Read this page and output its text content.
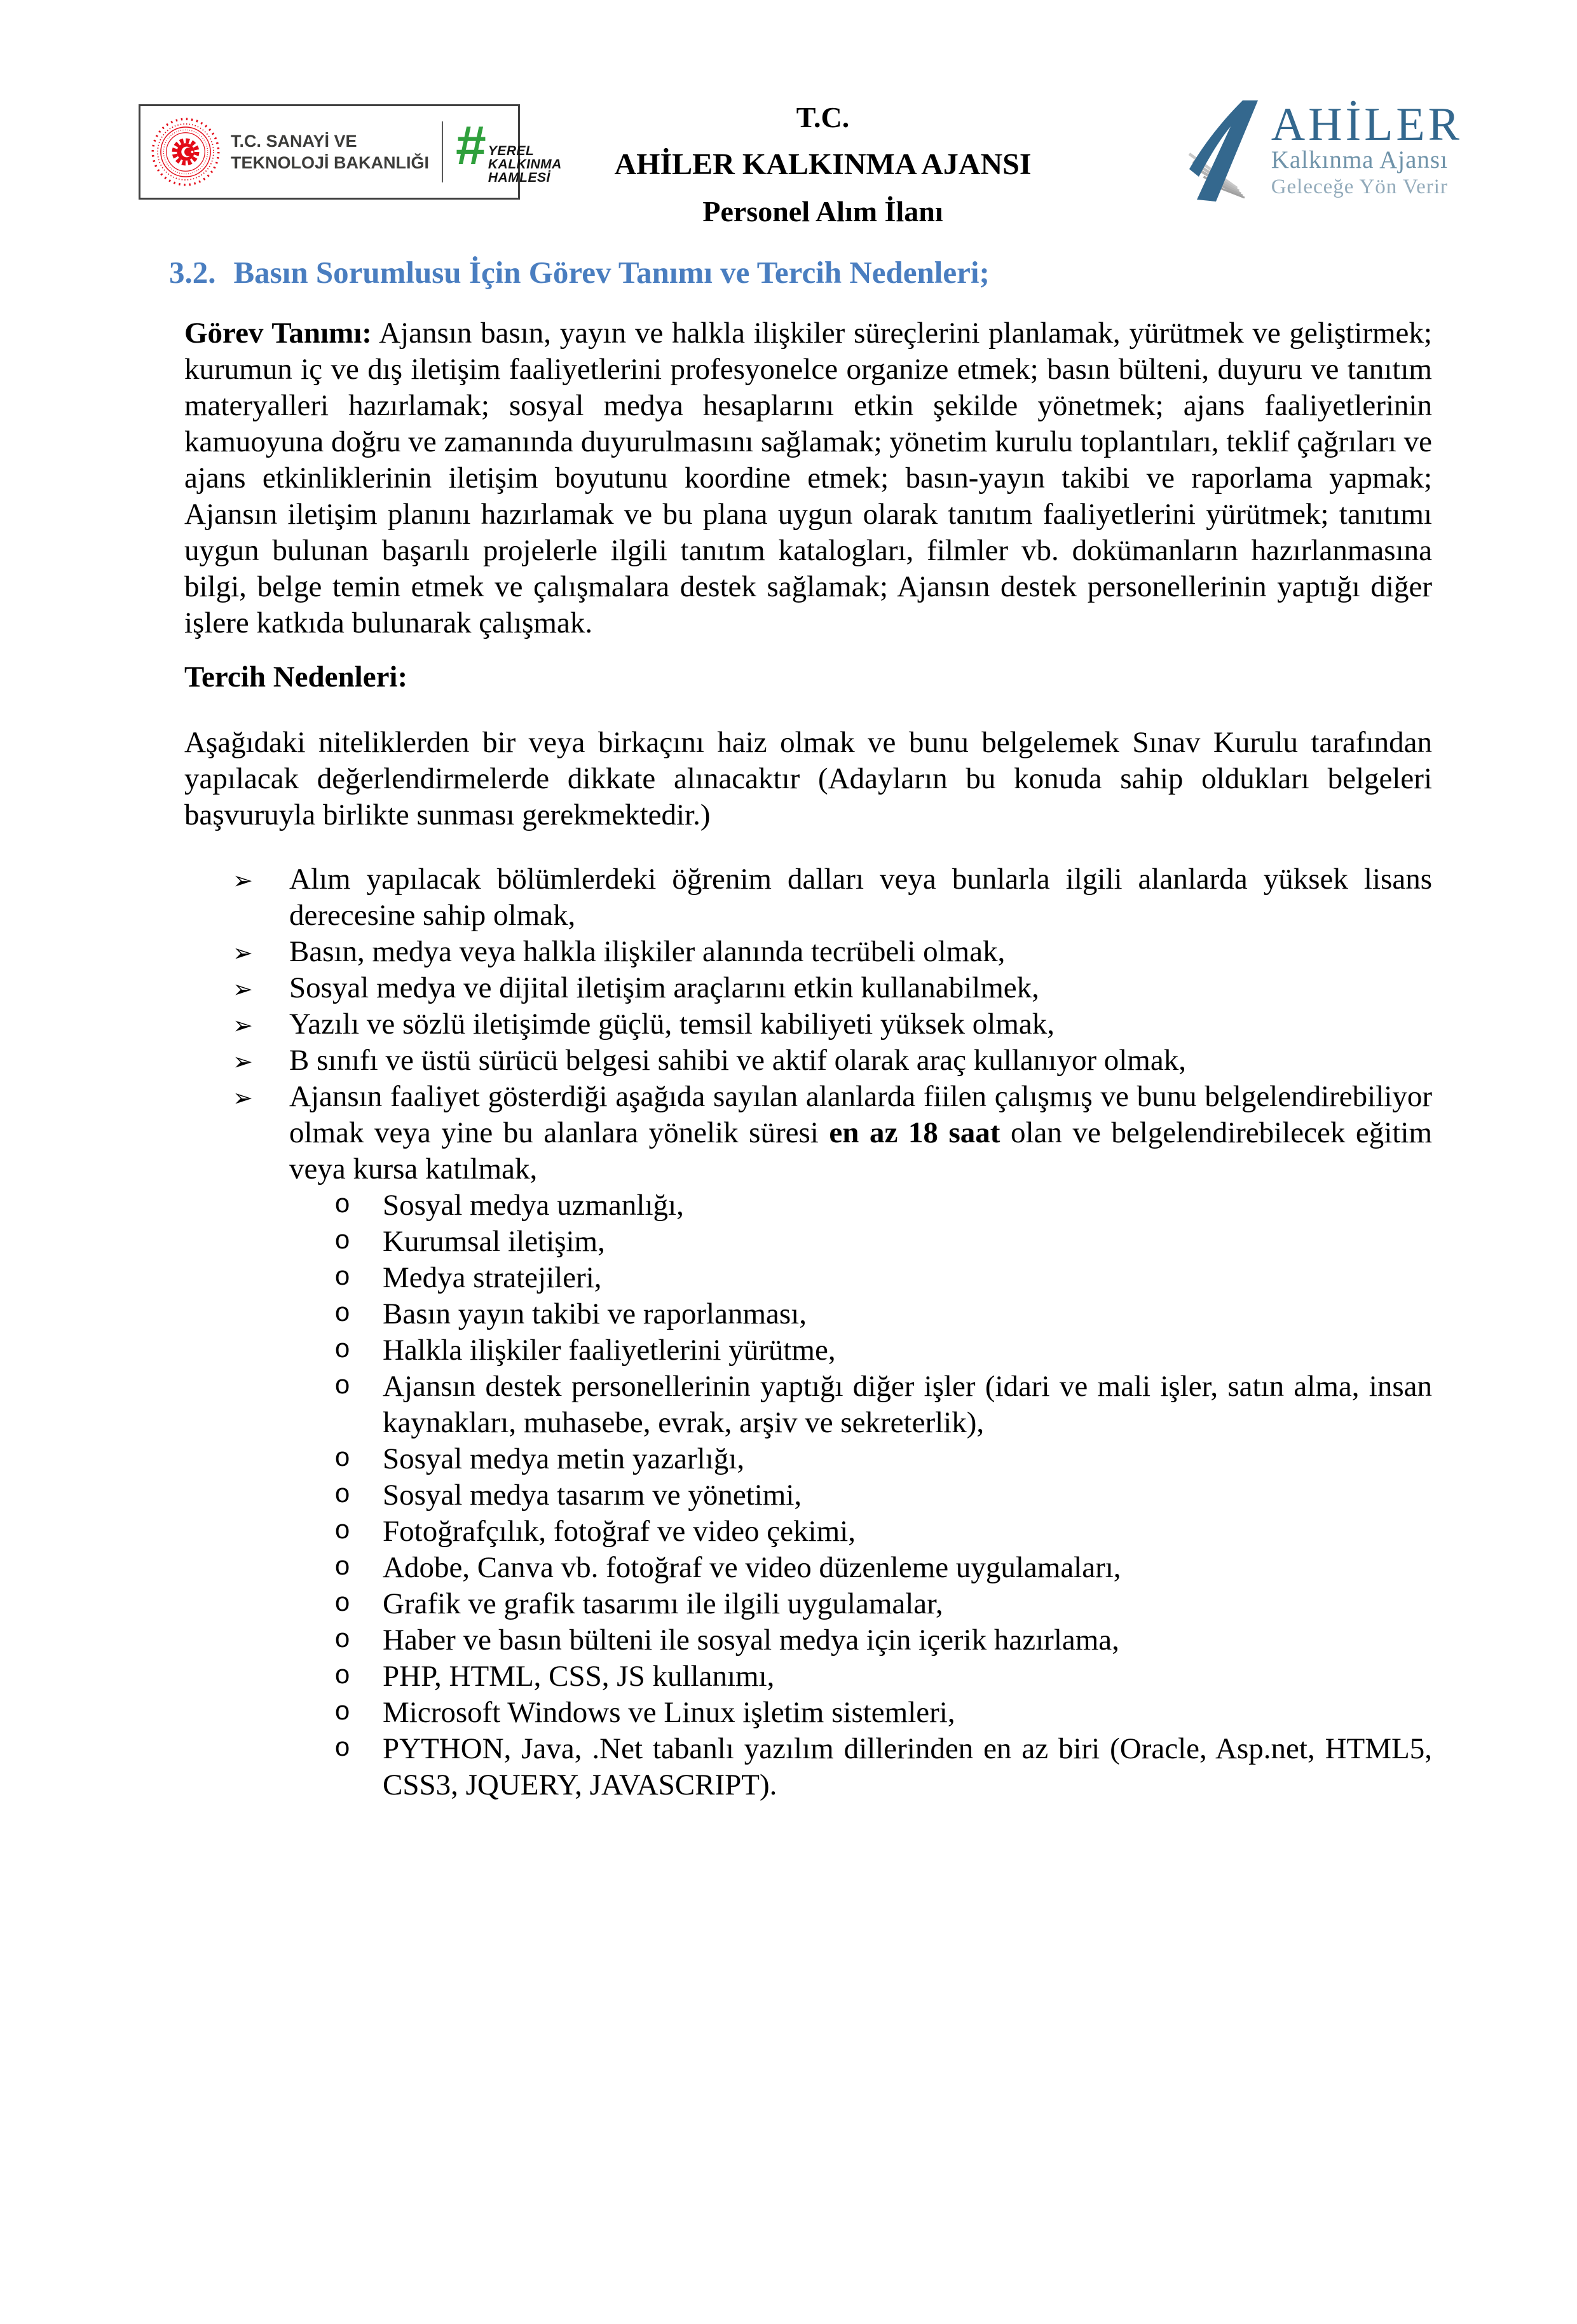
T.C. SANAYİ VE
TEKNOLOJİ BAKANLIĞI # YEREL
KALKINMA
HAMLESİ
T.C.
AHİLER KALKINMA AJANSI
Personel Alım İlanı
AHİLER
Kalkınma Ajansı
Geleceğe Yön Verir
3.2. Basın Sorumlusu İçin Görev Tanımı ve Tercih Nedenleri;

Görev Tanımı: Ajansın basın, yayın ve halkla ilişkiler süreçlerini planlamak, yürütmek ve geliştirmek; kurumun iç ve dış iletişim faaliyetlerini profesyonelce organize etmek; basın bülteni, duyuru ve tanıtım materyalleri hazırlamak; sosyal medya hesaplarını etkin şekilde yönetmek; ajans faaliyetlerinin kamuoyuna doğru ve zamanında duyurulmasını sağlamak; yönetim kurulu toplantıları, teklif çağrıları ve ajans etkinliklerinin iletişim boyutunu koordine etmek; basın-yayın takibi ve raporlama yapmak; Ajansın iletişim planını hazırlamak ve bu plana uygun olarak tanıtım faaliyetlerini yürütmek; tanıtımı uygun bulunan başarılı projelerle ilgili tanıtım katalogları, filmler vb. dokümanların hazırlanmasına bilgi, belge temin etmek ve çalışmalara destek sağlamak; Ajansın destek personellerinin yaptığı diğer işlere katkıda bulunarak çalışmak.

Tercih Nedenleri:

Aşağıdaki niteliklerden bir veya birkaçını haiz olmak ve bunu belgelemek Sınav Kurulu tarafından yapılacak değerlendirmelerde dikkate alınacaktır (Adayların bu konuda sahip oldukları belgeleri başvuruyla birlikte sunması gerekmektedir.)

➢ Alım yapılacak bölümlerdeki öğrenim dalları veya bunlarla ilgili alanlarda yüksek lisans derecesine sahip olmak,
➢ Basın, medya veya halkla ilişkiler alanında tecrübeli olmak,
➢ Sosyal medya ve dijital iletişim araçlarını etkin kullanabilmek,
➢ Yazılı ve sözlü iletişimde güçlü, temsil kabiliyeti yüksek olmak,
➢ B sınıfı ve üstü sürücü belgesi sahibi ve aktif olarak araç kullanıyor olmak,
➢ Ajansın faaliyet gösterdiği aşağıda sayılan alanlarda fiilen çalışmış ve bunu belgelendirebiliyor olmak veya yine bu alanlara yönelik süresi en az 18 saat olan ve belgelendirebilecek eğitim veya kursa katılmak,
o Sosyal medya uzmanlığı,
o Kurumsal iletişim,
o Medya stratejileri,
o Basın yayın takibi ve raporlanması,
o Halkla ilişkiler faaliyetlerini yürütme,
o Ajansın destek personellerinin yaptığı diğer işler (idari ve mali işler, satın alma, insan kaynakları, muhasebe, evrak, arşiv ve sekreterlik),
o Sosyal medya metin yazarlığı,
o Sosyal medya tasarım ve yönetimi,
o Fotoğrafçılık, fotoğraf ve video çekimi,
o Adobe, Canva vb. fotoğraf ve video düzenleme uygulamaları,
o Grafik ve grafik tasarımı ile ilgili uygulamalar,
o Haber ve basın bülteni ile sosyal medya için içerik hazırlama,
o PHP, HTML, CSS, JS kullanımı,
o Microsoft Windows ve Linux işletim sistemleri,
o PYTHON, Java, .Net tabanlı yazılım dillerinden en az biri (Oracle, Asp.net, HTML5, CSS3, JQUERY, JAVASCRIPT).
